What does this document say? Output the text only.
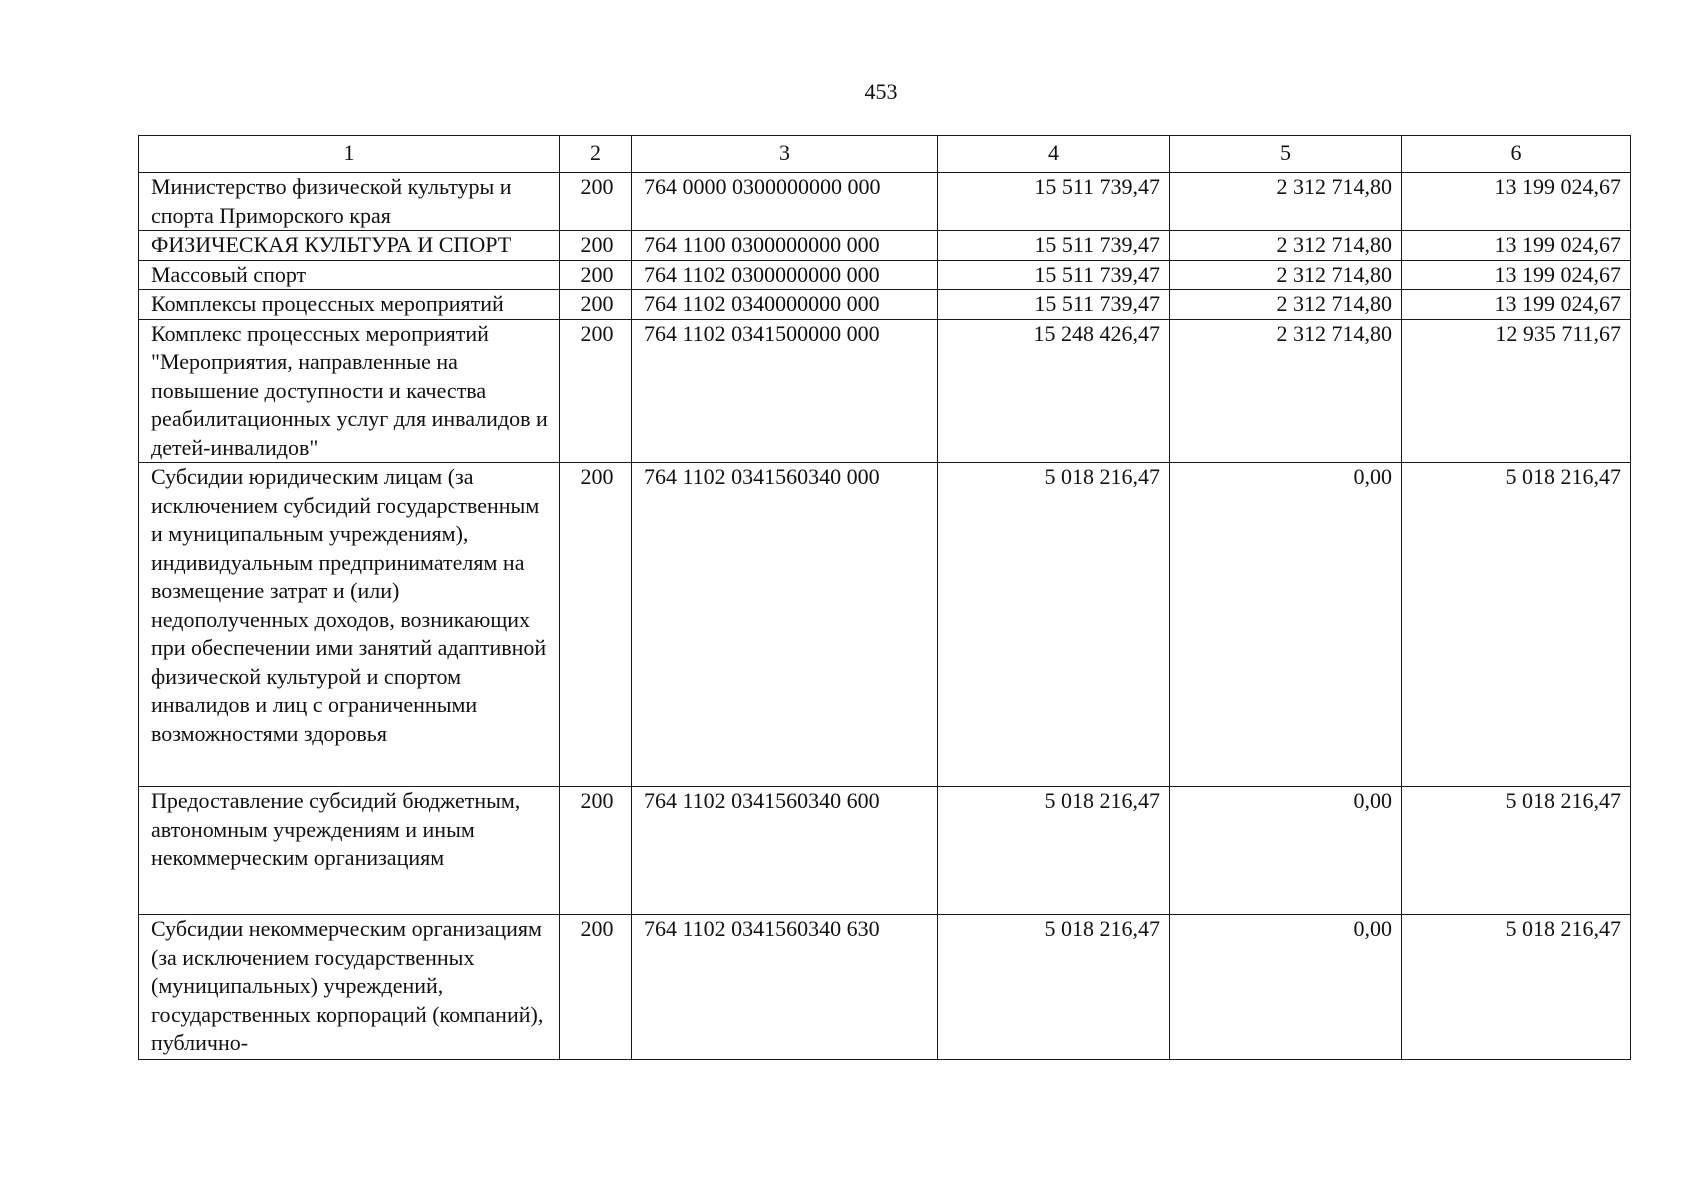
453
1	2	3	4	5	6
Министерство физической культуры и спорта Приморского края	200	764 0000 0300000000 000	15 511 739,47	2 312 714,80	13 199 024,67
ФИЗИЧЕСКАЯ КУЛЬТУРА И СПОРТ	200	764 1100 0300000000 000	15 511 739,47	2 312 714,80	13 199 024,67
Массовый спорт	200	764 1102 0300000000 000	15 511 739,47	2 312 714,80	13 199 024,67
Комплексы процессных мероприятий	200	764 1102 0340000000 000	15 511 739,47	2 312 714,80	13 199 024,67
Комплекс процессных мероприятий "Мероприятия, направленные на повышение доступности и качества реабилитационных услуг для инвалидов и детей-инвалидов"	200	764 1102 0341500000 000	15 248 426,47	2 312 714,80	12 935 711,67
Субсидии юридическим лицам (за исключением субсидий государственным и муниципальным учреждениям), индивидуальным предпринимателям на возмещение затрат и (или) недополученных доходов, возникающих при обеспечении ими занятий адаптивной физической культурой и спортом инвалидов и лиц с ограниченными возможностями здоровья	200	764 1102 0341560340 000	5 018 216,47	0,00	5 018 216,47
Предоставление субсидий бюджетным, автономным учреждениям и иным некоммерческим организациям	200	764 1102 0341560340 600	5 018 216,47	0,00	5 018 216,47
Субсидии некоммерческим организациям (за исключением государственных (муниципальных) учреждений, государственных корпораций (компаний), публично-	200	764 1102 0341560340 630	5 018 216,47	0,00	5 018 216,47
